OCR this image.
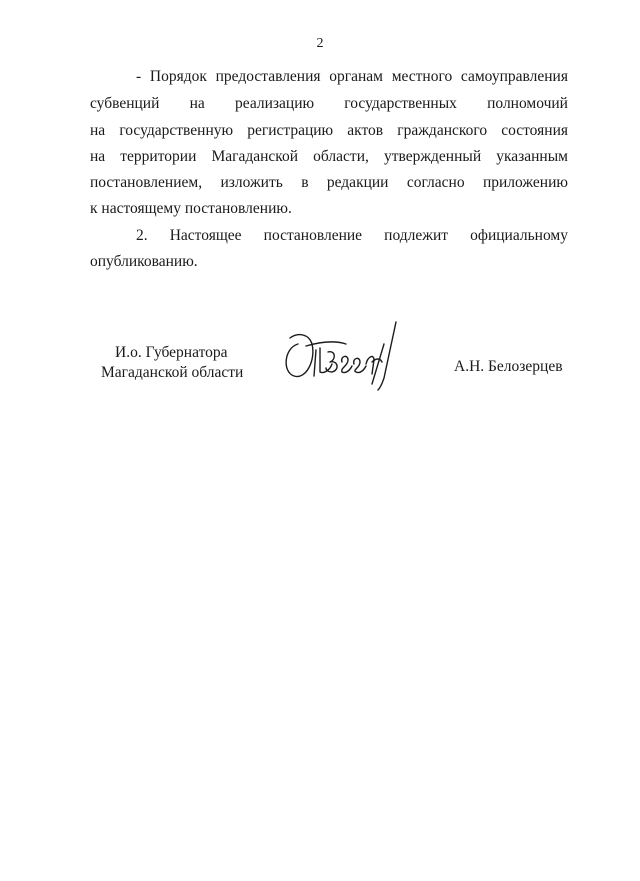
2
- Порядок предоставления органам местного самоуправления
субвенций на реализацию государственных полномочий
на государственную регистрацию актов гражданского состояния
на территории Магаданской области, утвержденный указанным
постановлением, изложить в редакции согласно приложению
к настоящему постановлению.
2. Настоящее постановление подлежит официальному
опубликованию.
И.о. Губернатора
Магаданской области	А.Н. Белозерцев
